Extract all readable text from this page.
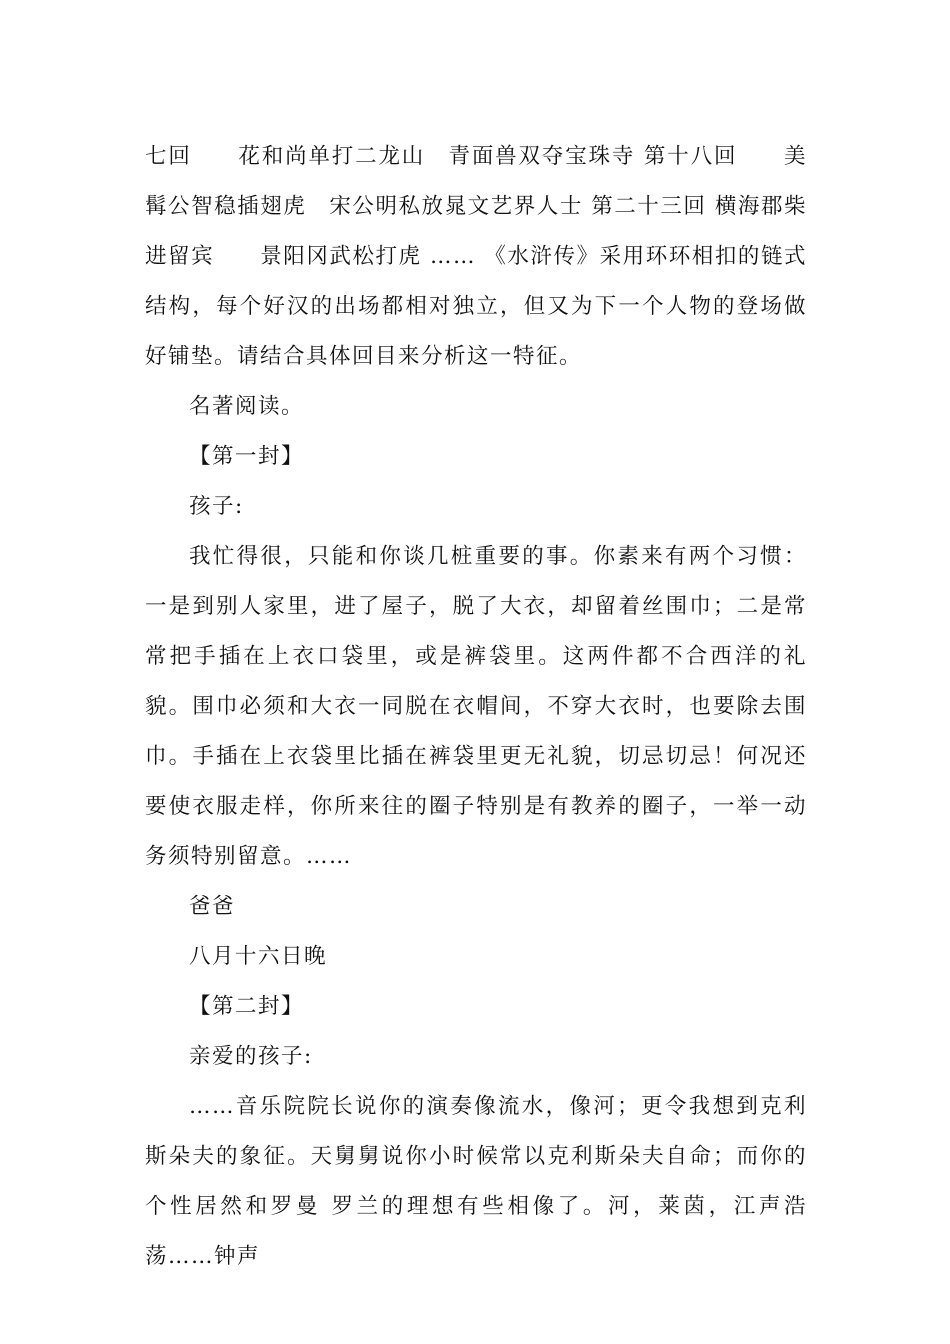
七回　　花和尚单打二龙山　青面兽双夺宝珠寺 第十八回　　美髯公智稳插翅虎　宋公明私放晁文艺界人士 第二十三回 横海郡柴进留宾　　景阳冈武松打虎 …… 《水浒传》采用环环相扣的链式结构，每个好汉的出场都相对独立，但又为下一个人物的登场做好铺垫。请结合具体回目来分析这一特征。

名著阅读。

【第一封】

孩子:

我忙得很，只能和你谈几桩重要的事。你素来有两个习惯：一是到别人家里，进了屋子，脱了大衣，却留着丝围巾；二是常常把手插在上衣口袋里，或是裤袋里。这两件都不合西洋的礼貌。围巾必须和大衣一同脱在衣帽间，不穿大衣时，也要除去围巾。手插在上衣袋里比插在裤袋里更无礼貌，切忌切忌！何况还要使衣服走样，你所来往的圈子特别是有教养的圈子，一举一动务须特别留意。……

爸爸

八月十六日晚

【第二封】

亲爱的孩子:

……音乐院院长说你的演奏像流水，像河；更令我想到克利斯朵夫的象征。天舅舅说你小时候常以克利斯朵夫自命；而你的个性居然和罗曼 罗兰的理想有些相像了。河，莱茵，江声浩荡……钟声
